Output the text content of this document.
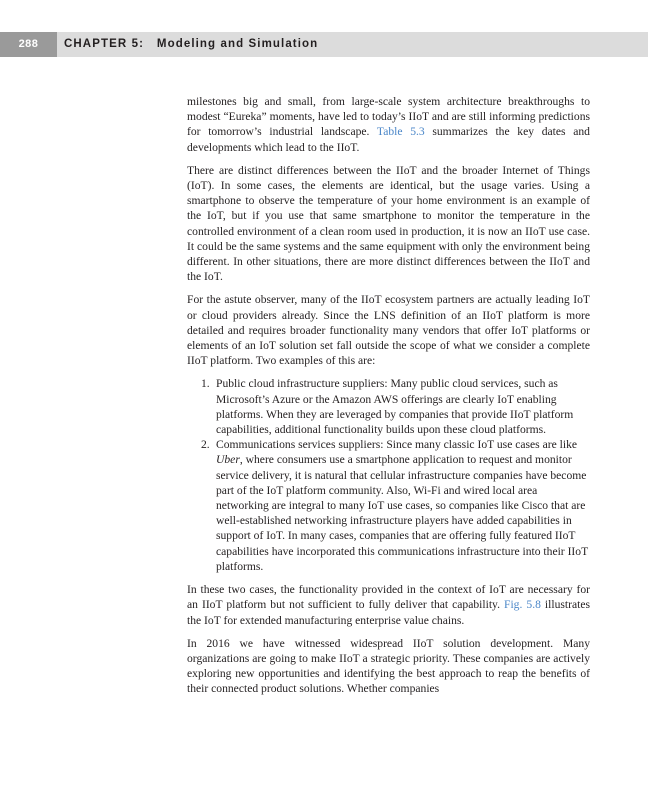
288	CHAPTER 5: Modeling and Simulation

milestones big and small, from large-scale system architecture breakthroughs to modest “Eureka” moments, have led to today’s IIoT and are still informing predictions for tomorrow’s industrial landscape. Table 5.3 summarizes the key dates and developments which lead to the IIoT.

There are distinct differences between the IIoT and the broader Internet of Things (IoT). In some cases, the elements are identical, but the usage varies. Using a smartphone to observe the temperature of your home environment is an example of the IoT, but if you use that same smartphone to monitor the temperature in the controlled environment of a clean room used in production, it is now an IIoT use case. It could be the same systems and the same equipment with only the environment being different. In other situations, there are more distinct differences between the IIoT and the IoT.

For the astute observer, many of the IIoT ecosystem partners are actually leading IoT or cloud providers already. Since the LNS definition of an IIoT platform is more detailed and requires broader functionality many vendors that offer IoT platforms or elements of an IoT solution set fall outside the scope of what we consider a complete IIoT platform. Two examples of this are:

1. Public cloud infrastructure suppliers: Many public cloud services, such as Microsoft’s Azure or the Amazon AWS offerings are clearly IoT enabling platforms. When they are leveraged by companies that provide IIoT platform capabilities, additional functionality builds upon these cloud platforms.
2. Communications services suppliers: Since many classic IoT use cases are like Uber, where consumers use a smartphone application to request and monitor service delivery, it is natural that cellular infrastructure companies have become part of the IoT platform community. Also, Wi-Fi and wired local area networking are integral to many IoT use cases, so companies like Cisco that are well-established networking infrastructure players have added capabilities in support of IoT. In many cases, companies that are offering fully featured IIoT capabilities have incorporated this communications infrastructure into their IIoT platforms.

In these two cases, the functionality provided in the context of IoT are necessary for an IIoT platform but not sufficient to fully deliver that capability. Fig. 5.8 illustrates the IoT for extended manufacturing enterprise value chains.

In 2016 we have witnessed widespread IIoT solution development. Many organizations are going to make IIoT a strategic priority. These companies are actively exploring new opportunities and identifying the best approach to reap the benefits of their connected product solutions. Whether companies
